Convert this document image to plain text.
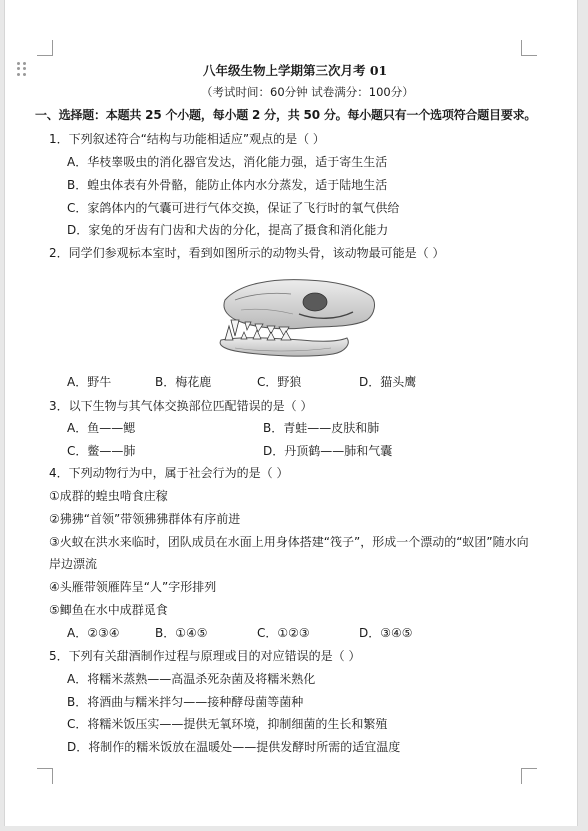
八年级生物上学期第三次月考 01
（考试时间：60分钟 试卷满分：100分）
一、选择题：本题共 25 个小题，每小题 2 分，共 50 分。每小题只有一个选项符合题目要求。
1．下列叙述符合“结构与功能相适应”观点的是（ ）
A．华枝睾吸虫的消化器官发达，消化能力强，适于寄生生活
B．蝗虫体表有外骨骼，能防止体内水分蒸发，适于陆地生活
C．家鸽体内的气囊可进行气体交换，保证了飞行时的氧气供给
D．家兔的牙齿有门齿和犬齿的分化，提高了摄食和消化能力
2．同学们参观标本室时，看到如图所示的动物头骨，该动物最可能是（ ）
A．野牛	B．梅花鹿	C．野狼	D．猫头鹰
3．以下生物与其气体交换部位匹配错误的是（ ）
A．鱼——鳃	B．青蛙——皮肤和肺
C．鳖——肺	D．丹顶鹤——肺和气囊
4．下列动物行为中，属于社会行为的是（ ）
①成群的蝗虫啃食庄稼
②狒狒“首领”带领狒狒群体有序前进
③火蚁在洪水来临时，团队成员在水面上用身体搭建“筏子”，形成一个漂动的“蚁团”随水向
岸边漂流
④头雁带领雁阵呈“人”字形排列
⑤鲫鱼在水中成群觅食
A．②③④	B．①④⑤	C．①②③	D．③④⑤
5．下列有关甜酒制作过程与原理或目的对应错误的是（ ）
A．将糯米蒸熟——高温杀死杂菌及将糯米熟化
B．将酒曲与糯米拌匀——接种酵母菌等菌种
C．将糯米饭压实——提供无氧环境，抑制细菌的生长和繁殖
D．将制作的糯米饭放在温暖处——提供发酵时所需的适宜温度
